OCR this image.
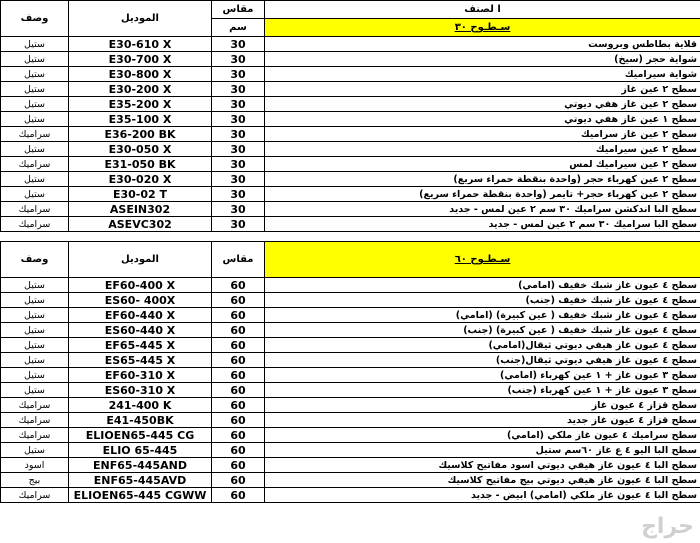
وصف	الموديل	مقاس	ا لصنف
		سم	سـطـوح ٣٠
ستيل	E30-610 X	30	قلاية بطاطس وبروست
ستيل	E30-700 X	30	شواية حجر (سيخ)
ستيل	E30-800 X	30	شواية سيراميك
ستيل	E30-200 X	30	سطح ٢ عين غاز
ستيل	E35-200 X	30	سطح ٢ عين غاز هفي ديوتي
ستيل	E35-100 X	30	سطح ١ عين غاز هفي ديوتي
سراميك	E36-200 BK	30	سطح ٢ عين غاز سراميك
ستيل	E30-050 X	30	سطح ٢ عين سيراميك
سراميك	E31-050 BK	30	سطح ٢ عين سيراميك لمس
ستيل	E30-020 X	30	سطح ٢ عين كهرباء حجر (واحدة بنقطة حمراء سريع)
ستيل	E30-02 T	30	سطح ٢ عين كهرباء حجر+ تايمر (واحدة بنقطة حمراء سريع)
سراميك	ASEIN302	30	سطح البا اندكشن سراميك ٣٠ سم ٢ عين لمس - جديد
سراميك	ASEVC302	30	سطح البا سراميك ٣٠ سم ٢ عين لمس - جديد

وصف	الموديل	مقاس	سـطـوح ٦٠

ستيل	EF60-400 X	60	سطح ٤ عيون غاز شبك خفيف (امامي)
ستيل	ES60- 400X	60	سطح ٤ عيون غاز شبك خفيف (جنب)
ستيل	EF60-440 X	60	سطح ٤ عيون غاز شبك خفيف ( عين كبيرة) (امامي)
ستيل	ES60-440 X	60	سطح ٤ عيون غاز شبك خفيف ( عين كبيرة) (جنب)
ستيل	EF65-445 X	60	سطح ٤ عيون غاز هيفي ديوتي ثيقال(امامي)
ستيل	ES65-445 X	60	سطح ٤ عيون غاز هيفي ديوتي ثيقال(جنب)
ستيل	EF60-310 X	60	سطح ٣ عيون غاز + ١ عين كهرباء (امامي)
ستيل	ES60-310 X	60	سطح ٣ عيون غاز + ١ عين كهرباء (جنب)
سراميك	241-400 K	60	سطح قزاز ٤ عيون غاز
سراميك	E41-450BK	60	سطح قزاز ٤ عيون غاز جديد
سراميك	ELIOEN65-445 CG	60	سطح سراميك ٤ عيون غاز ملكي (امامي)
ستيل	ELIO 65-445	60	سطح البا اليو ٤ ع غاز ٦٠سم ستيل
اسود	ENF65-445AND	60	سطح البا ٤ عيون غاز هيفي ديوتي اسود مفاتيح كلاسيك
بيج	ENF65-445AVD	60	سطح البا ٤ عيون غاز هيفي ديوتي بيج مفاتيح كلاسيك
سراميك	ELIOEN65-445 CGWW	60	سطح البا ٤ عيون غاز ملكي (امامي) ابيض - جديد
حراج
